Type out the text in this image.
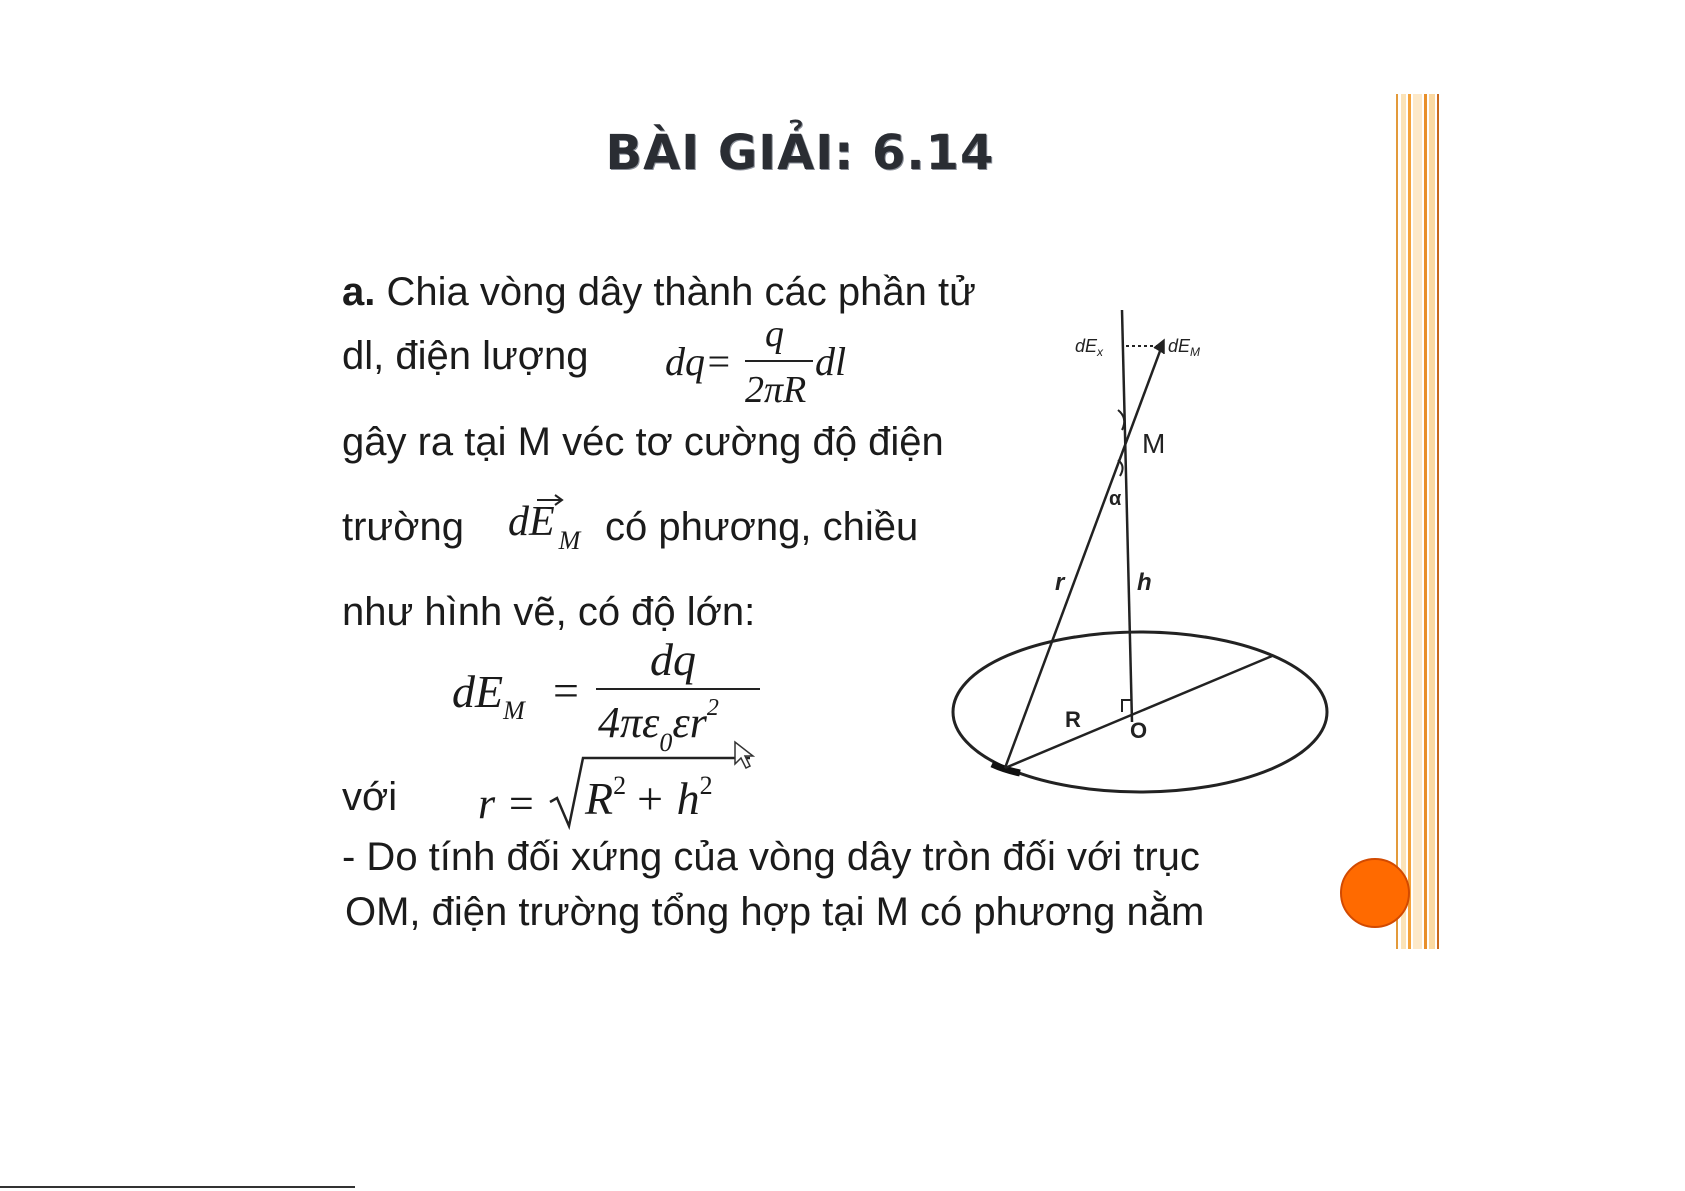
BÀI GIẢI: 6.14
a. Chia vòng dây thành các phần tử
dl, điện lượng dq=
q
2πR
dl
gây ra tại M véc tơ cường độ điện
trường dE M có phương, chiều
như hình vẽ, có độ lớn:
dEM =
dq
4πε0εr2
với r = R2 + h2
- Do tính đối xứng của vòng dây tròn đối với trục
OM, điện trường tổng hợp tại M có phương nằm
M
h
r
R O
α
$dE_x$	$dE_M$
